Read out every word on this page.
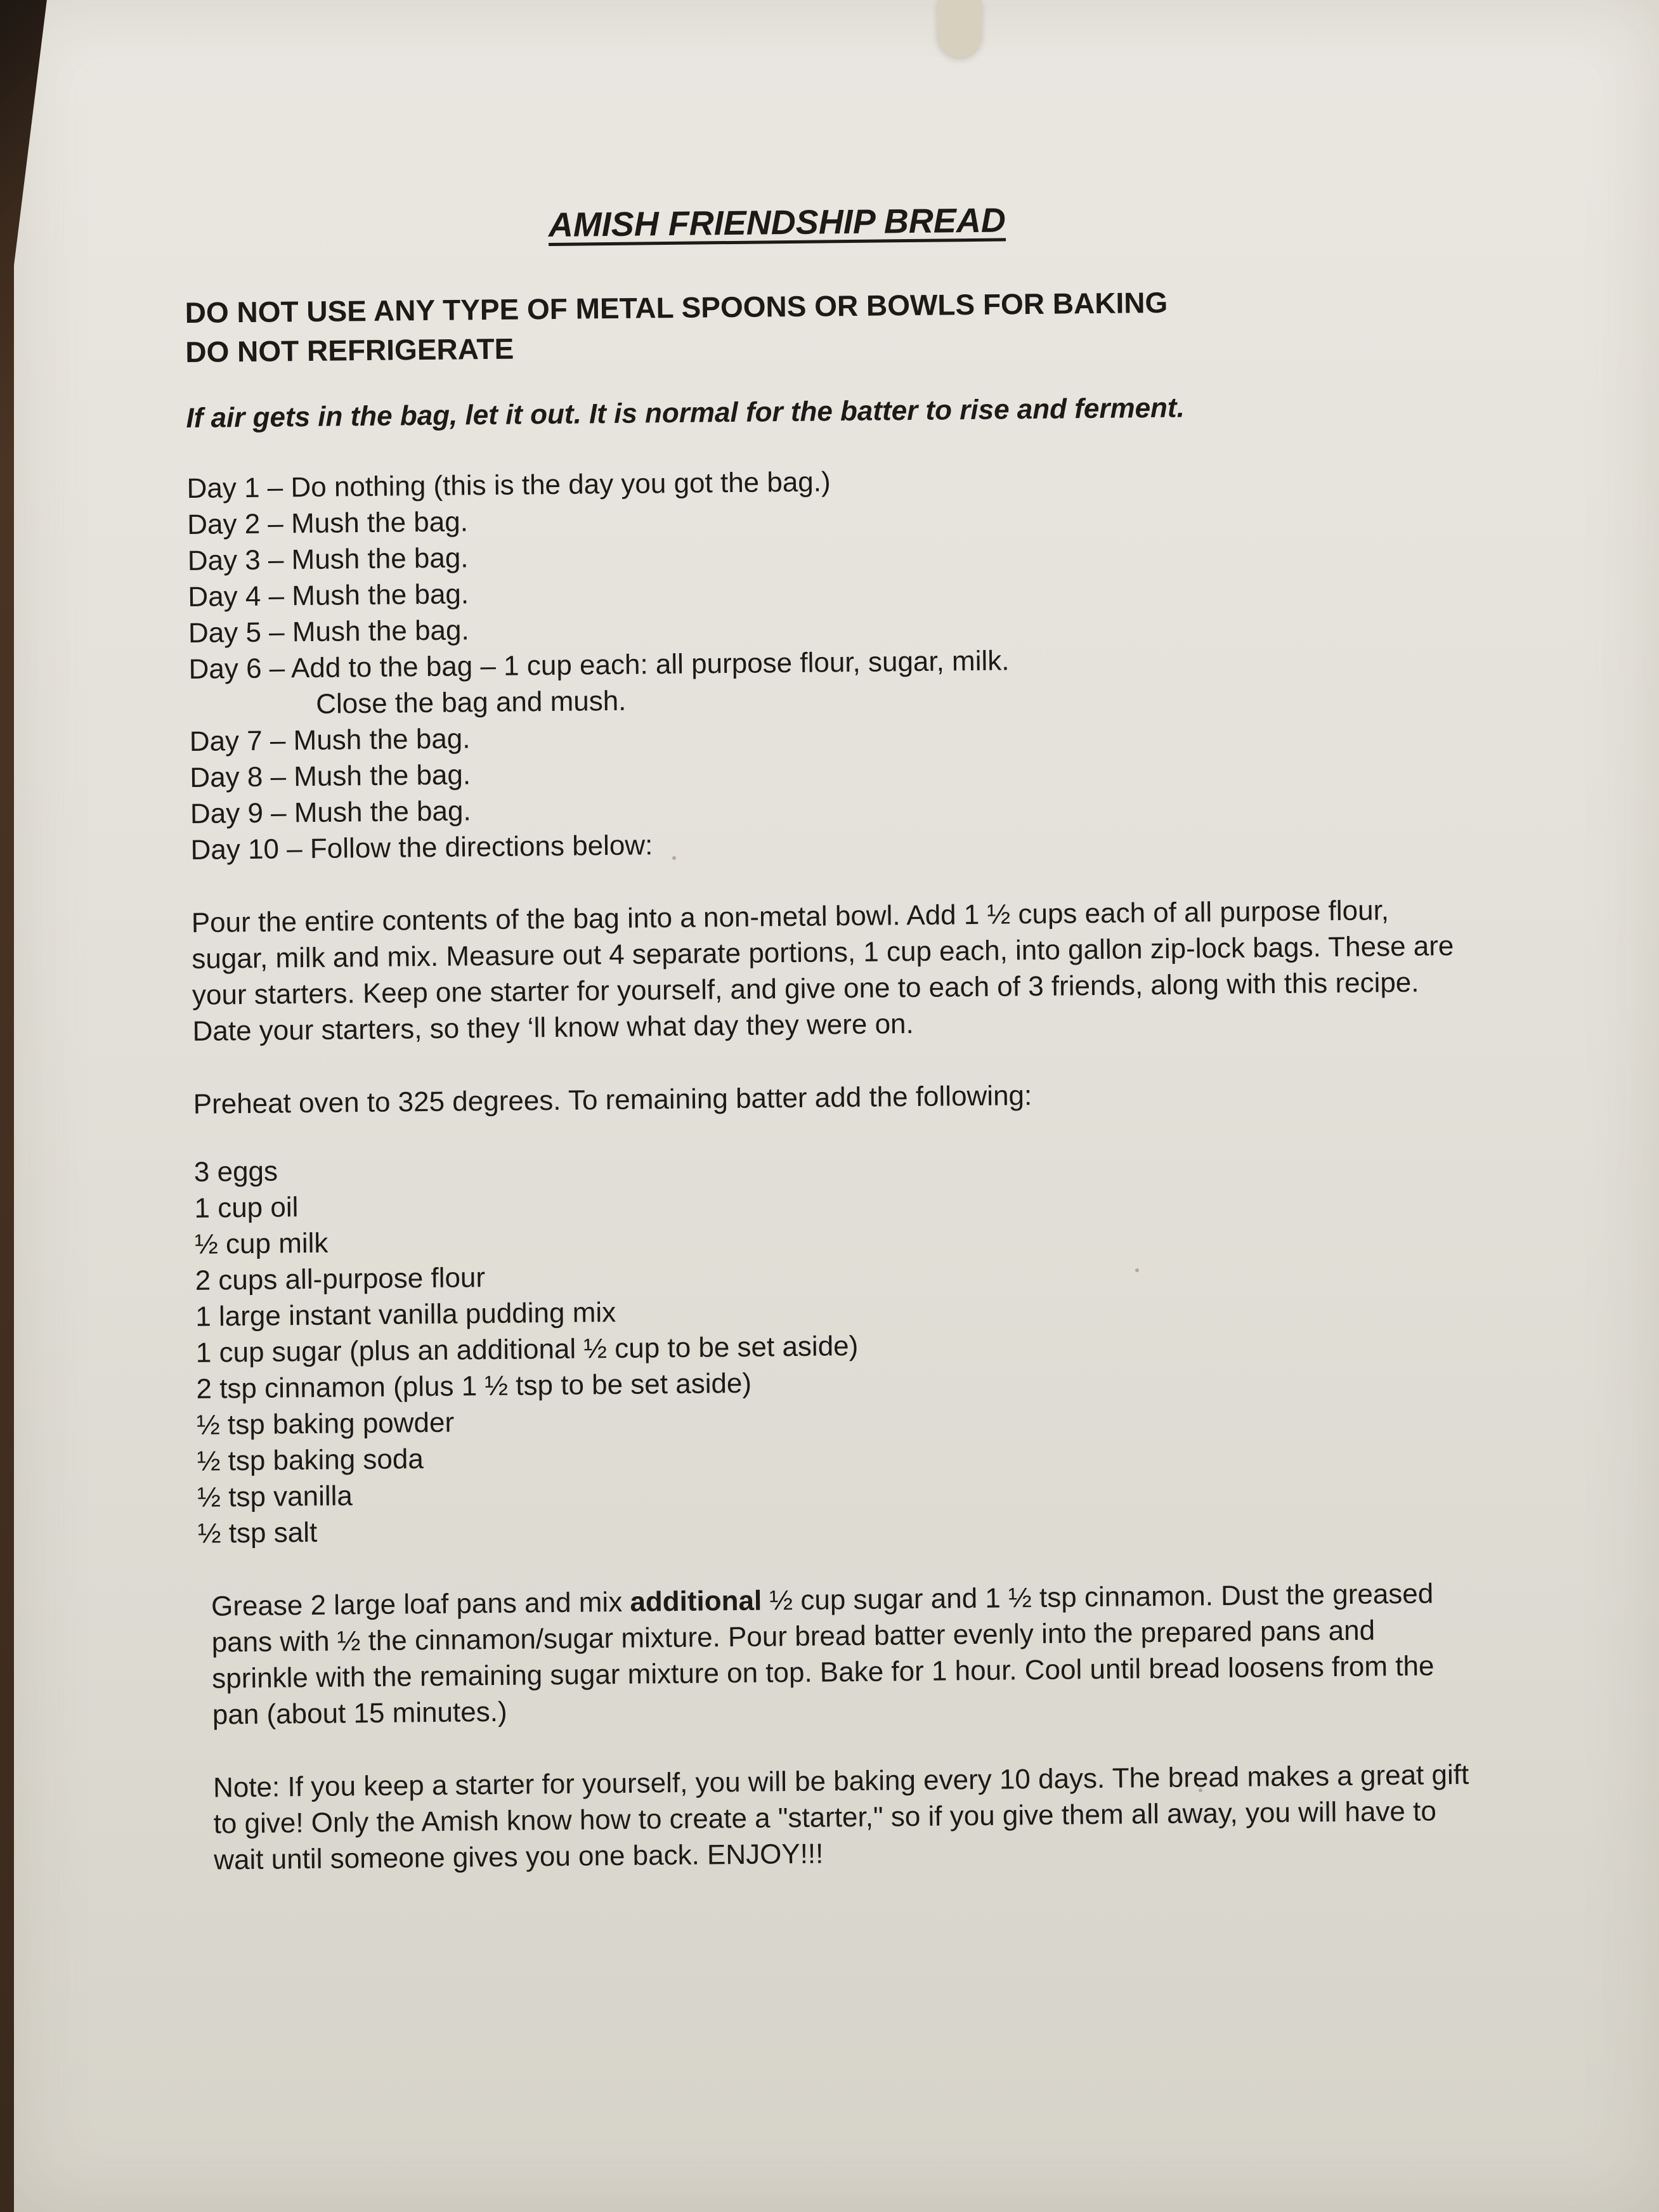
AMISH FRIENDSHIP BREAD

DO NOT USE ANY TYPE OF METAL SPOONS OR BOWLS FOR BAKING

DO NOT REFRIGERATE

If air gets in the bag, let it out. It is normal for the batter to rise and ferment.

Day 1 – Do nothing (this is the day you got the bag.)
Day 2 – Mush the bag.
Day 3 – Mush the bag.
Day 4 – Mush the bag.
Day 5 – Mush the bag.
Day 6 – Add to the bag – 1 cup each: all purpose flour, sugar, milk.
Close the bag and mush.
Day 7 – Mush the bag.
Day 8 – Mush the bag.
Day 9 – Mush the bag.
Day 10 – Follow the directions below:

Pour the entire contents of the bag into a non-metal bowl. Add 1 ½ cups each of all purpose flour, sugar, milk and mix. Measure out 4 separate portions, 1 cup each, into gallon zip-lock bags. These are your starters. Keep one starter for yourself, and give one to each of 3 friends, along with this recipe. Date your starters, so they ‘ll know what day they were on.

Preheat oven to 325 degrees. To remaining batter add the following:

3 eggs
1 cup oil
½ cup milk
2 cups all-purpose flour
1 large instant vanilla pudding mix
1 cup sugar (plus an additional ½ cup to be set aside)
2 tsp cinnamon (plus 1 ½ tsp to be set aside)
½ tsp baking powder
½ tsp baking soda
½ tsp vanilla
½ tsp salt

Grease 2 large loaf pans and mix additional ½ cup sugar and 1 ½ tsp cinnamon. Dust the greased pans with ½ the cinnamon/sugar mixture. Pour bread batter evenly into the prepared pans and sprinkle with the remaining sugar mixture on top. Bake for 1 hour. Cool until bread loosens from the pan (about 15 minutes.)

Note: If you keep a starter for yourself, you will be baking every 10 days. The bread makes a great gift to give! Only the Amish know how to create a "starter," so if you give them all away, you will have to wait until someone gives you one back. ENJOY!!!
